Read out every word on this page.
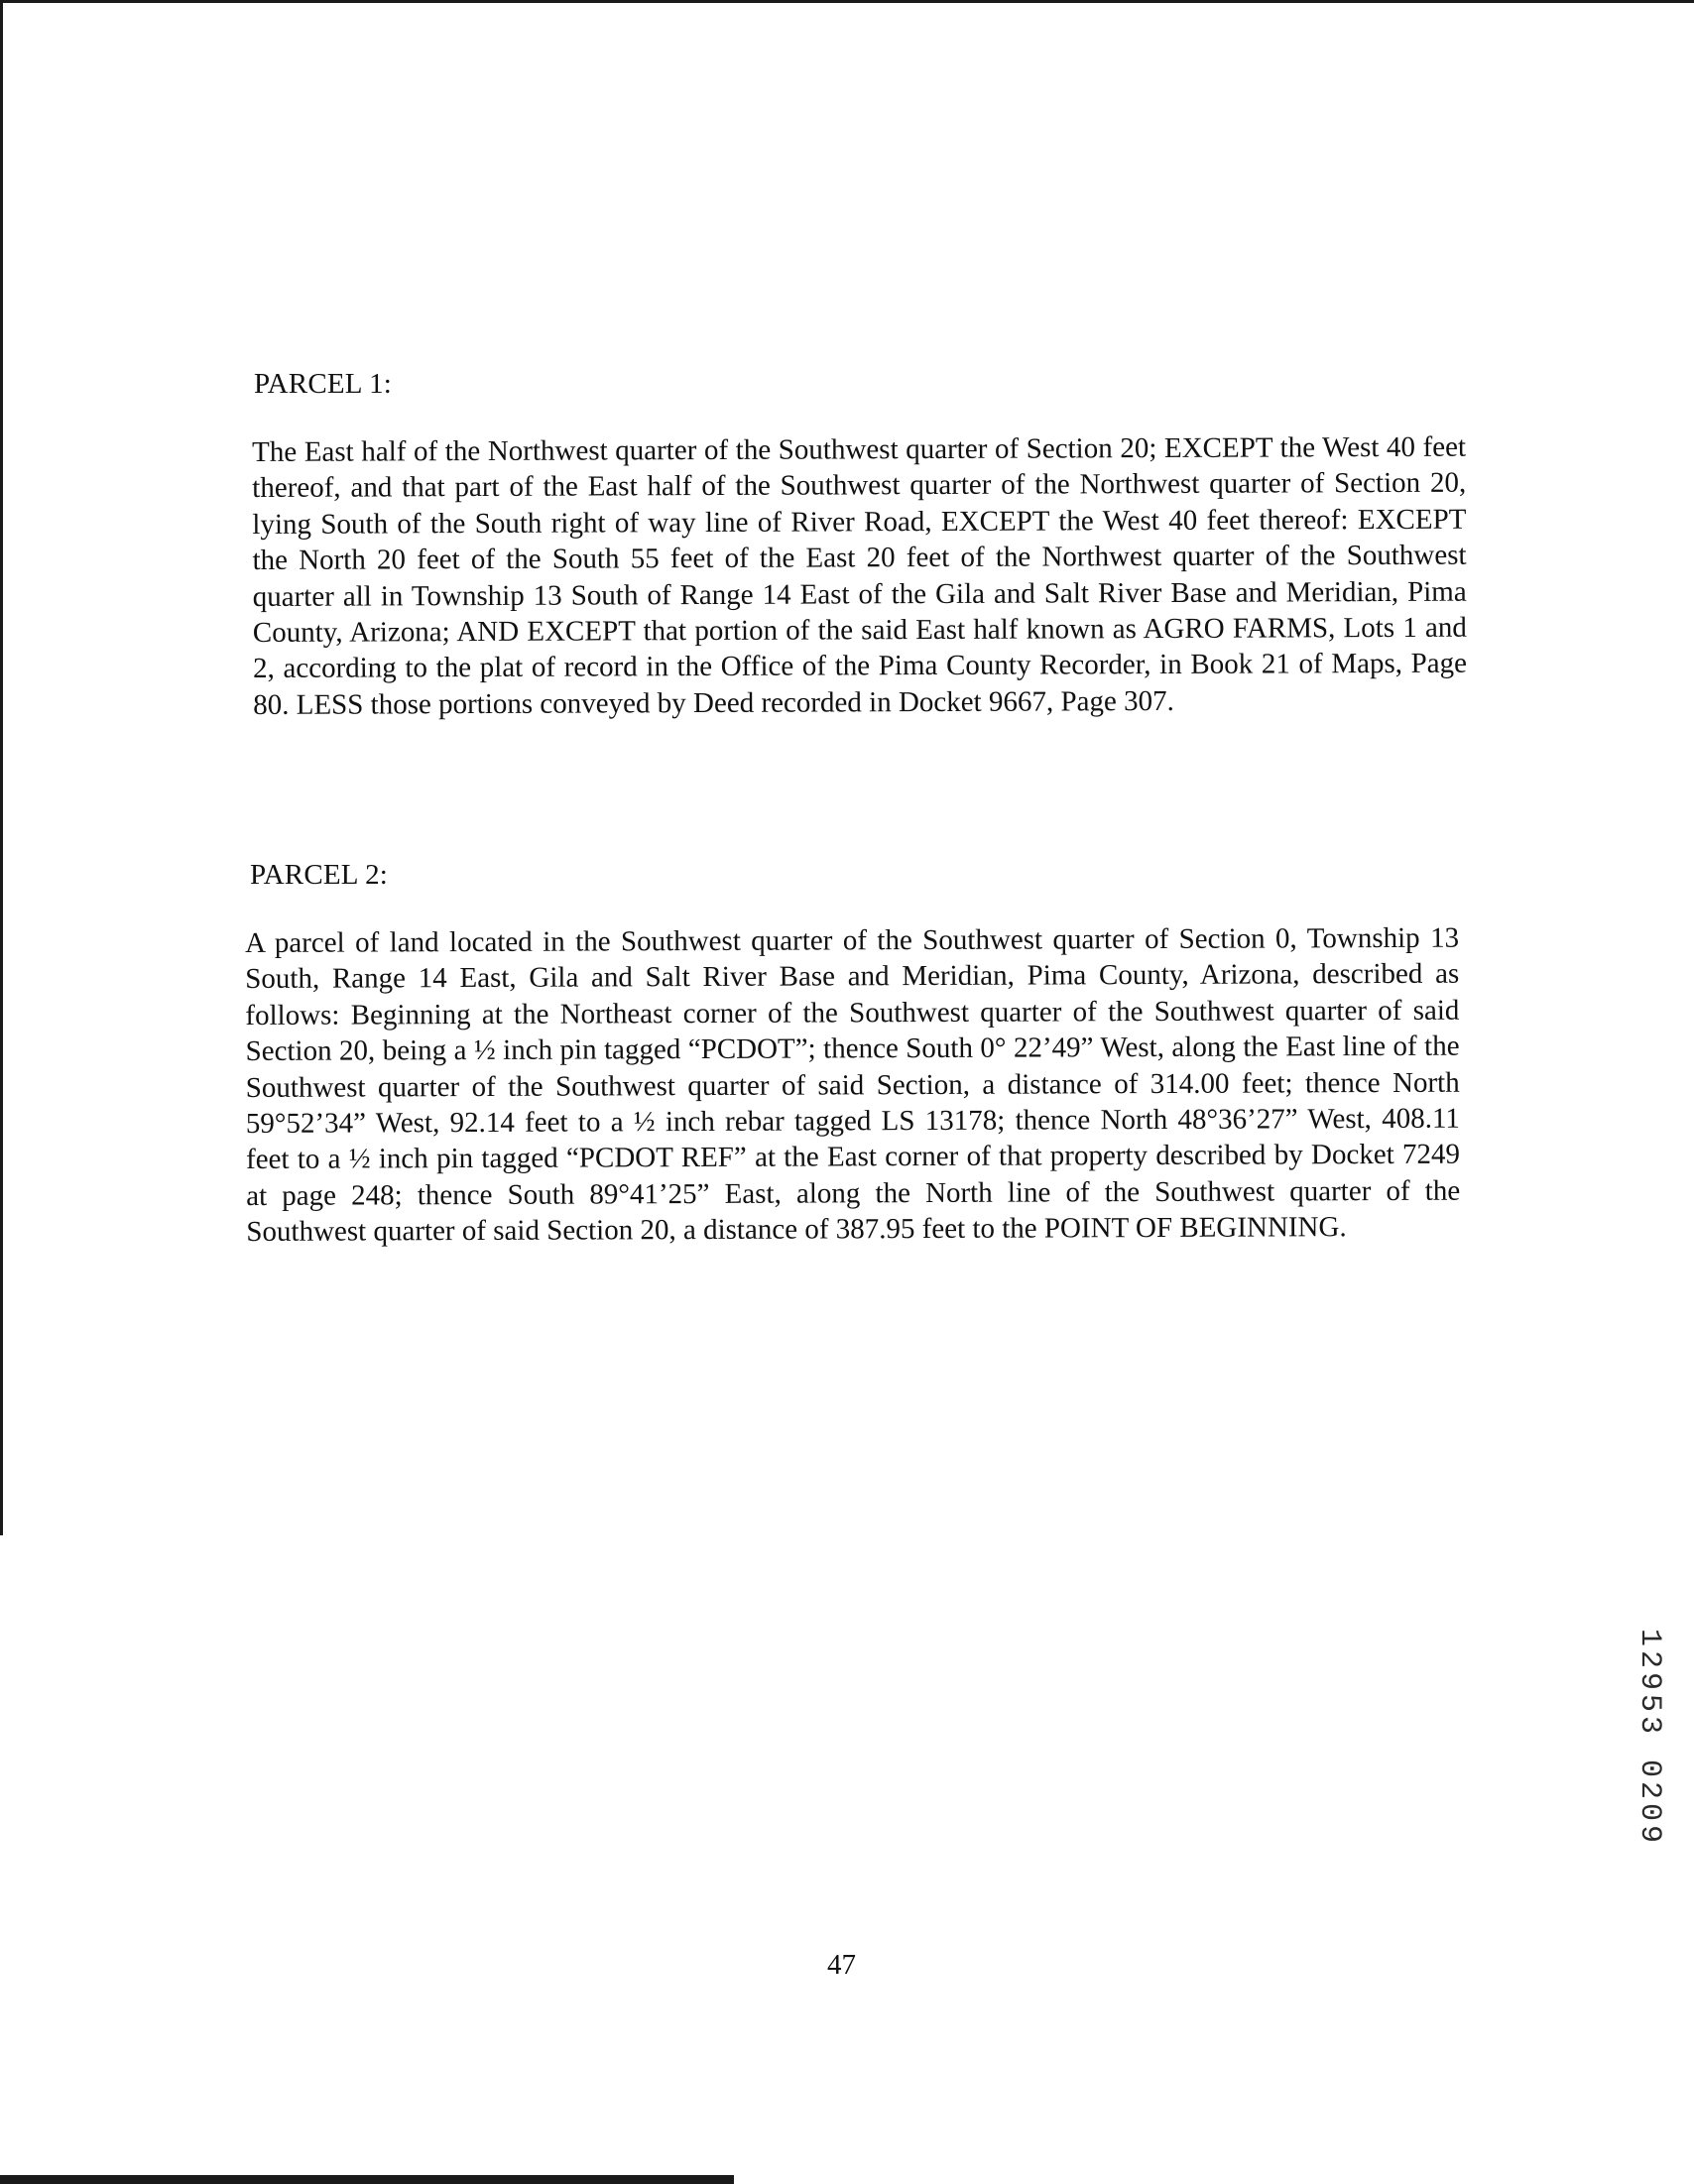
PARCEL 1:

The East half of the Northwest quarter of the Southwest quarter of Section 20; EXCEPT the West 40 feet thereof, and that part of the East half of the Southwest quarter of the Northwest quarter of Section 20, lying South of the South right of way line of River Road, EXCEPT the West 40 feet thereof: EXCEPT the North 20 feet of the South 55 feet of the East 20 feet of the Northwest quarter of the Southwest quarter all in Township 13 South of Range 14 East of the Gila and Salt River Base and Meridian, Pima County, Arizona; AND EXCEPT that portion of the said East half known as AGRO FARMS, Lots 1 and 2, according to the plat of record in the Office of the Pima County Recorder, in Book 21 of Maps, Page 80. LESS those portions conveyed by Deed recorded in Docket 9667, Page 307.

PARCEL 2:

A parcel of land located in the Southwest quarter of the Southwest quarter of Section 0, Township 13 South, Range 14 East, Gila and Salt River Base and Meridian, Pima County, Arizona, described as follows: Beginning at the Northeast corner of the Southwest quarter of the Southwest quarter of said Section 20, being a ½ inch pin tagged “PCDOT”; thence South 0° 22’49” West, along the East line of the Southwest quarter of the Southwest quarter of said Section, a distance of 314.00 feet; thence North 59°52’34” West, 92.14 feet to a ½ inch rebar tagged LS 13178; thence North 48°36’27” West, 408.11 feet to a ½ inch pin tagged “PCDOT REF” at the East corner of that property described by Docket 7249 at page 248; thence South 89°41’25” East, along the North line of the Southwest quarter of the Southwest quarter of said Section 20, a distance of 387.95 feet to the POINT OF BEGINNING.

47
12953 0209
